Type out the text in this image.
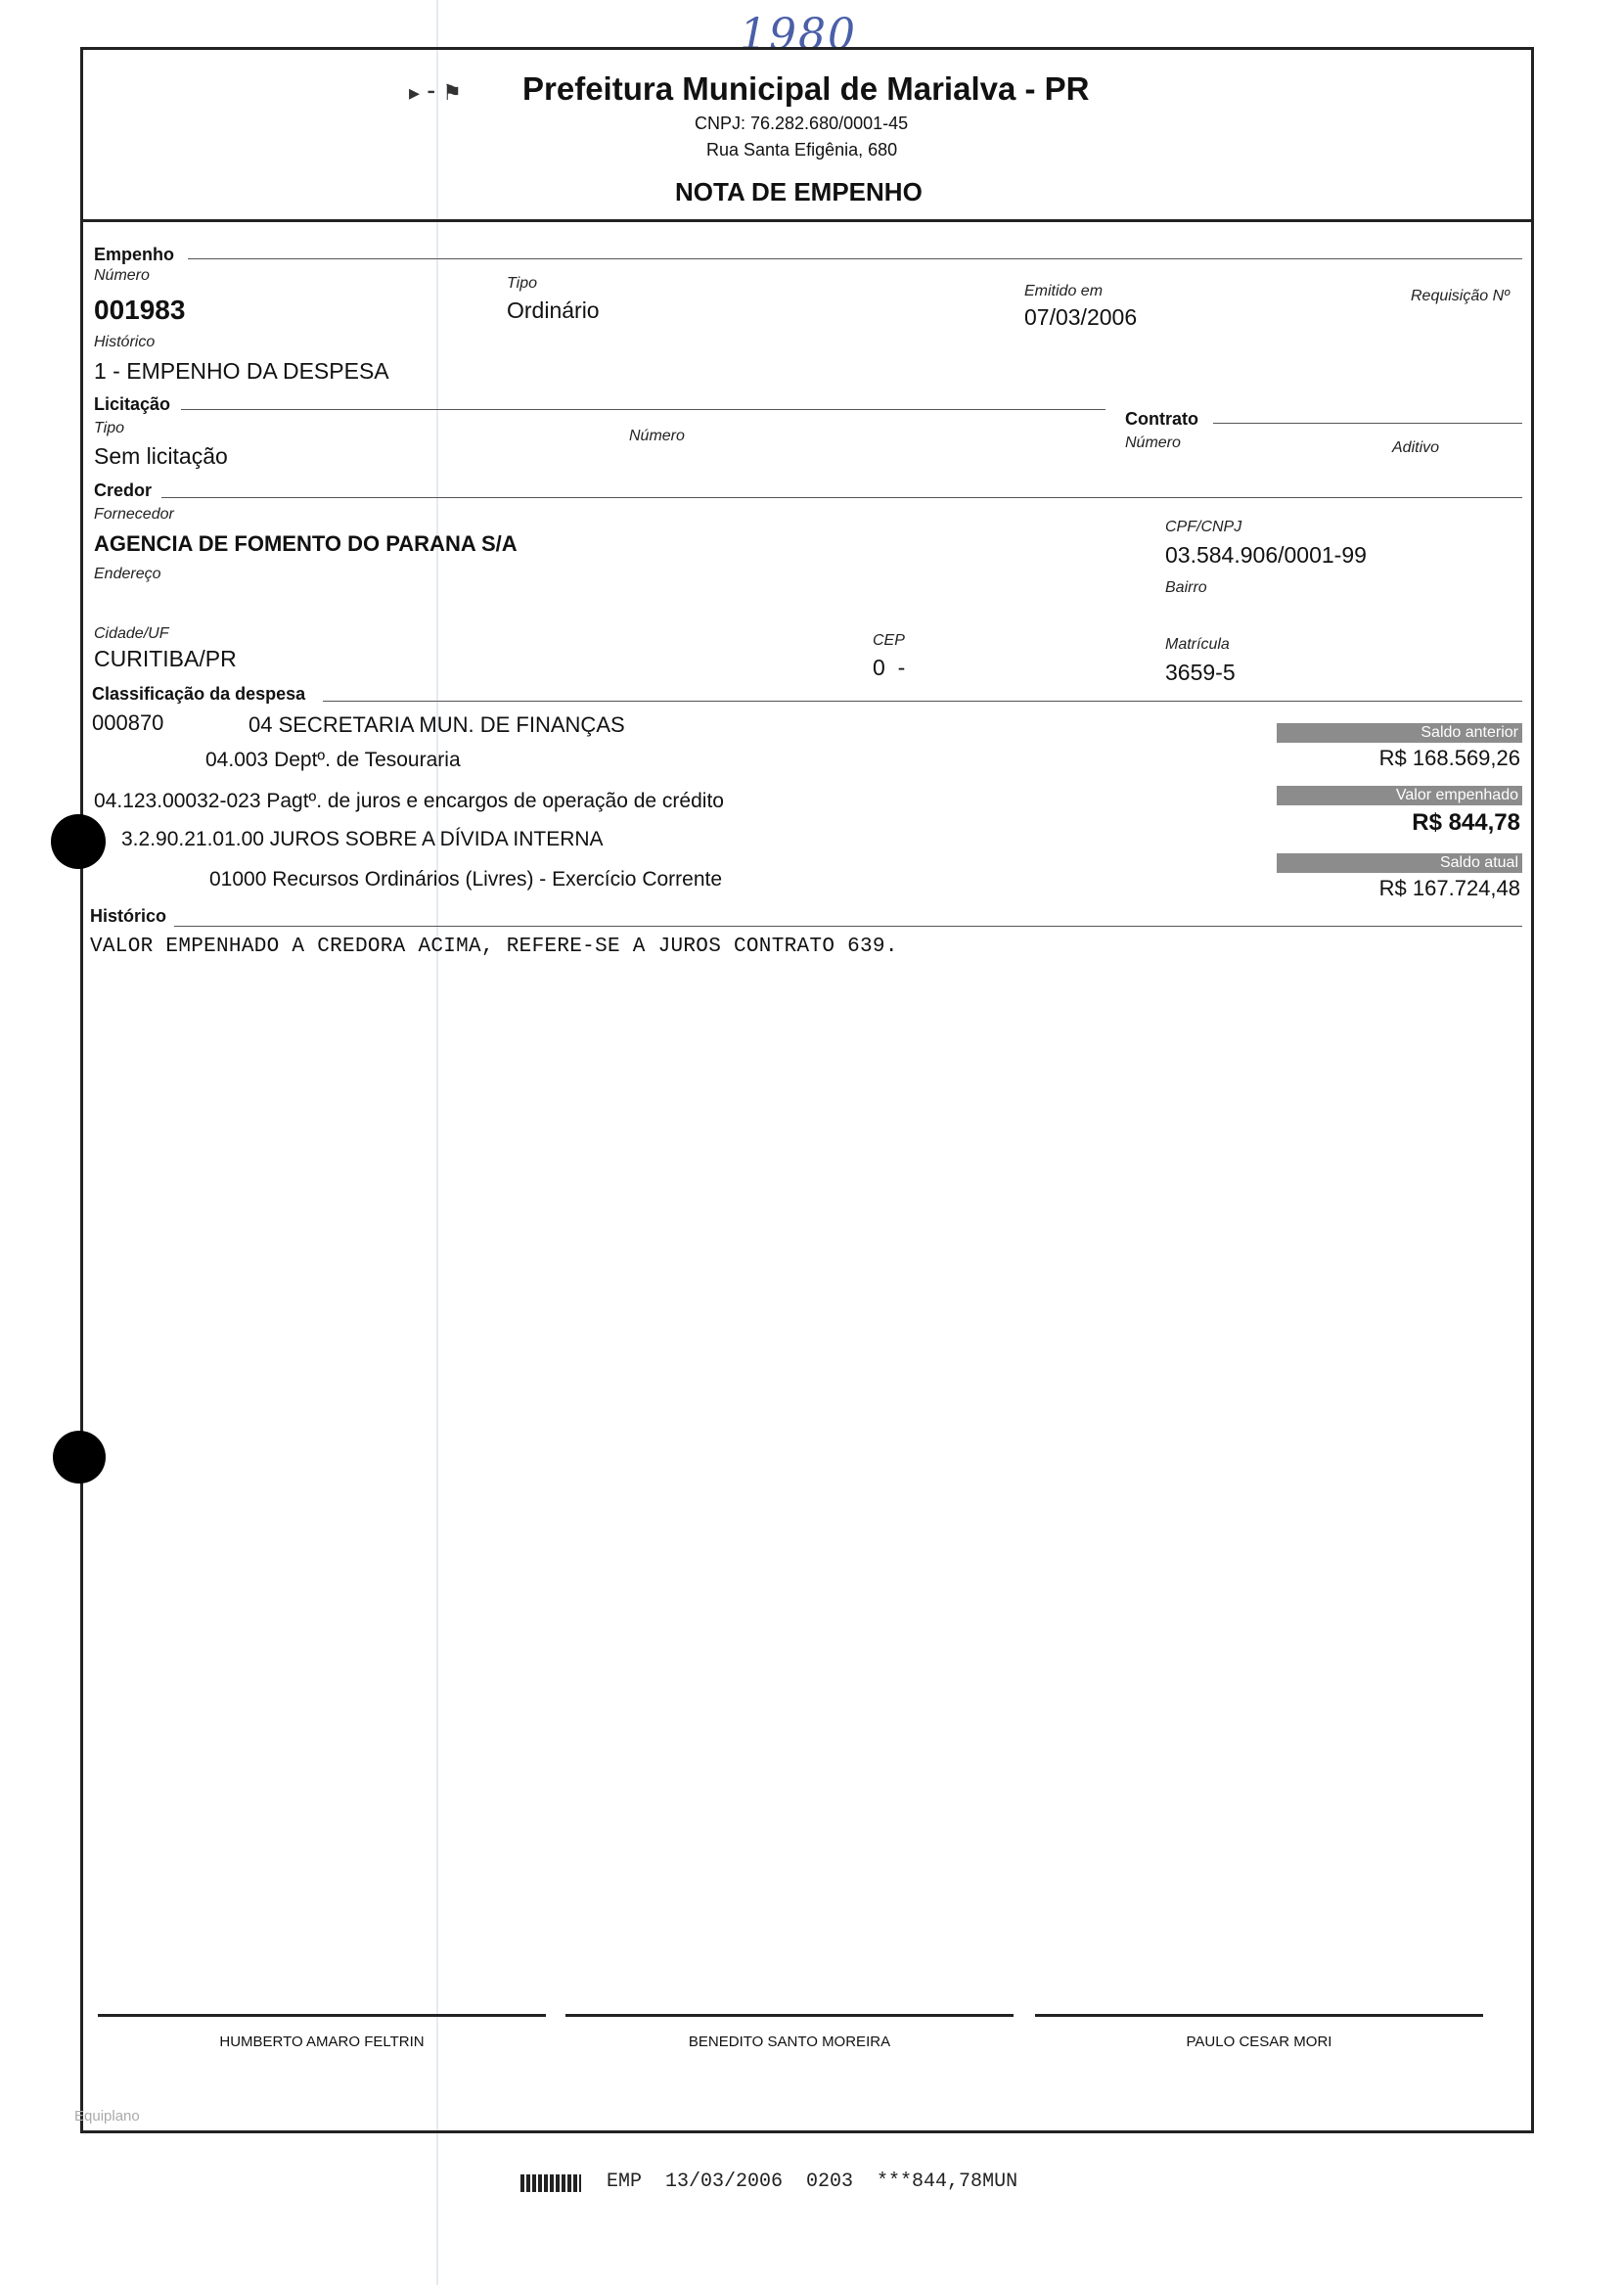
1980
▸ ⁃ ⚑ Prefeitura Municipal de Marialva - PR
CNPJ: 76.282.680/0001-45
Rua Santa Efigênia, 680
NOTA DE EMPENHO
Empenho
Número
001983
Tipo
Ordinário
Emitido em
07/03/2006
Requisição Nº
Histórico
1 - EMPENHO DA DESPESA
Licitação
Tipo
Sem licitação
Número
Contrato
Número	Aditivo
Credor
Fornecedor
AGENCIA DE FOMENTO DO PARANA S/A
CPF/CNPJ
03.584.906/0001-99
Endereço
Bairro
Cidade/UF
CURITIBA/PR
CEP
0  -
Matrícula
3659-5
Classificação da despesa
000870	04 SECRETARIA MUN. DE FINANÇAS
04.003 Deptº. de Tesouraria
04.123.00032-023 Pagtº. de juros e encargos de operação de crédito
3.2.90.21.01.00 JUROS SOBRE A DÍVIDA INTERNA
01000 Recursos Ordinários (Livres) - Exercício Corrente
Saldo anterior
R$ 168.569,26
Valor empenhado
R$ 844,78
Saldo atual
R$ 167.724,48
Histórico
VALOR EMPENHADO A CREDORA ACIMA, REFERE-SE A JUROS CONTRATO 639.
HUMBERTO AMARO FELTRIN	BENEDITO SANTO MOREIRA	PAULO CESAR MORI
Equiplano
EMP  13/03/2006  0203  ***844,78MUN
